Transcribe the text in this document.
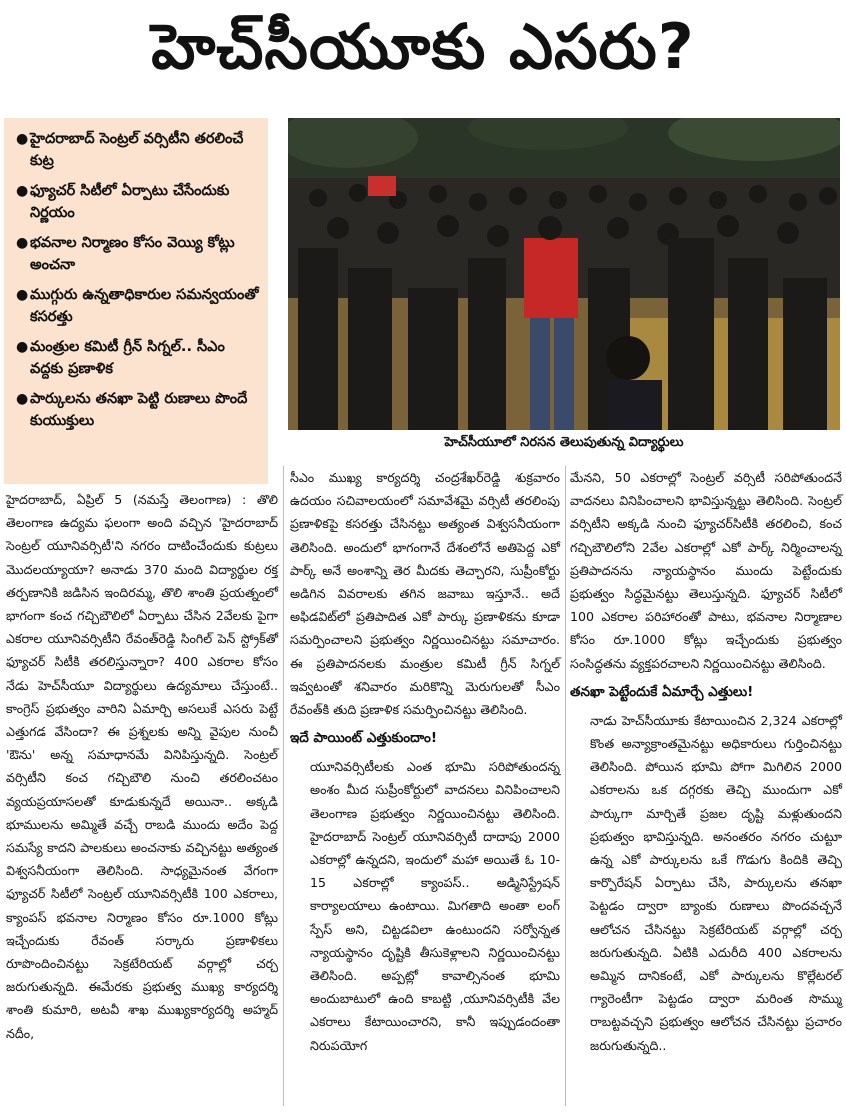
హెచ్‌సీయూకు ఎసరు?
● హైదరాబాద్ సెంట్రల్ వర్సిటీని తరలించే కుట్ర
● ఫ్యూచర్ సిటీలో ఏర్పాటు చేసేందుకు నిర్ణయం
● భవనాల నిర్మాణం కోసం వెయ్యి కోట్లు అంచనా
● ముగ్గురు ఉన్నతాధికారుల సమన్వయంతో కసరత్తు
● మంత్రుల కమిటీ గ్రీన్ సిగ్నల్.. సీఎం వద్దకు ప్రణాళిక
● పార్కులను తనఖా పెట్టి రుణాలు పొందే కుయుక్తులు
హెచ్‌సీయూలో నిరసన తెలుపుతున్న విద్యార్థులు

హైదరాబాద్, ఏప్రిల్ 5 (నమస్తే తెలంగాణ) : తొలి తెలంగాణ ఉద్యమ ఫలంగా అంది వచ్చిన 'హైదరాబాద్ సెంట్రల్ యూనివర్సిటీ'ని నగరం దాటించేందుకు కుట్రలు మొదలయ్యాయా? అనాడు 370 మంది విద్యార్థుల రక్త తర్పణానికి జడిసిన ఇందిరమ్మ, తొలి శాంతి ప్రయత్నంలో భాగంగా కంచ గచ్చిబౌలిలో ఏర్పాటు చేసిన 2వేలకు పైగా ఎకరాల యూనివర్సిటీని రేవంత్‌రెడ్డి సింగిల్ పెన్ స్ట్రోక్‌తో ఫ్యూచర్ సిటీకి తరలిస్తున్నారా? 400 ఎకరాల కోసం నేడు హెచ్‌సీయూ విద్యార్థులు ఉద్యమాలు చేస్తుంటే.. కాంగ్రెస్ ప్రభుత్వం వారిని ఏమార్చి అసలుకే ఎసరు పెట్టే ఎత్తుగడ వేసిందా? ఈ ప్రశ్నలకు అన్ని వైపుల నుంచీ 'ఔను' అన్న సమాధానమే వినిపిస్తున్నది. సెంట్రల్ వర్సిటీని కంచ గచ్చిబౌలి నుంచి తరలించటం వ్యయప్రయాసలతో కూడుకున్నదే అయినా.. అక్కడి భూములను అమ్మితే వచ్చే రాబడి ముందు అదేం పెద్ద సమస్యే కాదని పాలకులు అంచనాకు వచ్చినట్టు అత్యంత విశ్వసనీయంగా తెలిసింది. సాధ్యమైనంత వేగంగా ఫ్యూచర్ సిటీలో సెంట్రల్ యూనివర్సిటీకి 100 ఎకరాలు, క్యాంపస్ భవనాల నిర్మాణం కోసం రూ.1000 కోట్లు ఇచ్చేందుకు రేవంత్ సర్కారు ప్రణాళికలు రూపొందించినట్టు సెక్రటేరియట్ వర్గాల్లో చర్చ జరుగుతున్నది. ఈమేరకు ప్రభుత్వ ముఖ్య కార్యదర్శి శాంతి కుమారి, అటవీ శాఖ ముఖ్యకార్యదర్శి అహ్మద్ నదీం,

సీఎం ముఖ్య కార్యదర్శి చంద్రశేఖర్‌రెడ్డి శుక్రవారం ఉదయం సచివాలయంలో సమావేశమై వర్సిటీ తరలింపు ప్రణాళికపై కసరత్తు చేసినట్టు అత్యంత విశ్వసనీయంగా తెలిసింది. అందులో భాగంగానే దేశంలోనే అతిపెద్ద ఎకో పార్క్ అనే అంశాన్ని తెర మీదకు తెచ్చారని, సుప్రీంకోర్టు అడిగిన వివరాలకు తగిన జవాబు ఇస్తూనే.. అదే అఫిడవిట్‌లో ప్రతిపాదిత ఎకో పార్కు ప్రణాళికను కూడా సమర్పించాలని ప్రభుత్వం నిర్ణయించినట్టు సమాచారం. ఈ ప్రతిపాదనలకు మంత్రుల కమిటీ గ్రీన్ సిగ్నల్ ఇవ్వటంతో శనివారం మరికొన్ని మెరుగులతో సీఎం రేవంత్‌కి తుది ప్రణాళిక సమర్పించినట్టు తెలిసింది.

ఇదే పాయింట్ ఎత్తుకుందాం!

యూనివర్సిటీలకు ఎంత భూమి సరిపోతుందన్న అంశం మీద సుప్రీంకోర్టులో వాదనలు వినిపించాలని తెలంగాణ ప్రభుత్వం నిర్ణయించినట్టు తెలిసింది. హైదరాబాద్ సెంట్రల్ యూనివర్సిటీ దాదాపు 2000 ఎకరాల్లో ఉన్నదని, ఇందులో మహా అయితే ఓ 10-15 ఎకరాల్లో క్యాంపస్.. అడ్మినిస్ట్రేషన్ కార్యాలయాలు ఉంటాయి. మిగతాది అంతా లంగ్ స్పేస్ అని, చిట్టడవిలా ఉంటుందని సర్వోన్నత న్యాయస్థానం దృష్టికి తీసుకెళ్లాలని నిర్ణయించినట్టు తెలిసింది. అప్పట్లో కావాల్సినంత భూమి అందుబాటులో ఉంది కాబట్టి ,యూనివర్సిటీకి వేల ఎకరాలు కేటాయించారని, కానీ ఇప్పుడందంతా నిరుపయోగ

మేనని, 50 ఎకరాల్లో సెంట్రల్ వర్సిటీ సరిపోతుందనే వాదనలు వినిపించాలని భావిస్తున్నట్టు తెలిసింది. సెంట్రల్ వర్సిటీని అక్కడి నుంచి ఫ్యూచర్‌సిటీకి తరలించి, కంచ గచ్చిబౌలిలోని 2వేల ఎకరాల్లో ఎకో పార్క్ నిర్మించాలన్న ప్రతిపాదనను న్యాయస్థానం ముందు పెట్టేందుకు ప్రభుత్వం సిద్ధమైనట్టు తెలుస్తున్నది. ఫ్యూచర్ సిటీలో 100 ఎకరాల పరిహారంతో పాటు, భవనాల నిర్మాణాల కోసం రూ.1000 కోట్లు ఇచ్చేందుకు ప్రభుత్వం సంసిద్ధతను వ్యక్తపరచాలని నిర్ణయించినట్టు తెలిసింది.

తనఖా పెట్టేందుకే ఏమార్చే ఎత్తులు!

నాడు హెచ్‌సీయూకు కేటాయించిన 2,324 ఎకరాల్లో కొంత అన్యాక్రాంతమైనట్టు అధికారులు గుర్తించినట్టు తెలిసింది. పోయిన భూమి పోగా మిగిలిన 2000 ఎకరాలను ఒక దగ్గరకు తెచ్చి ముందుగా ఎకో పార్కుగా మార్చితే ప్రజల దృష్టి మళ్లుతుందని ప్రభుత్వం భావిస్తున్నది. అనంతరం నగరం చుట్టూ ఉన్న ఎకో పార్కులను ఒకే గొడుగు కిందికి తెచ్చి కార్పొరేషన్ ఏర్పాటు చేసి, పార్కులను తనఖా పెట్టడం ద్వారా బ్యాంకు రుణాలు పొందవచ్చనే ఆలోచన చేసినట్టు సెక్రటేరియట్ వర్గాల్లో చర్చ జరుగుతున్నది. ఏటికి ఎదురీది 400 ఎకరాలను అమ్మిన దానికంటే, ఎకో పార్కులను కొల్లేటరల్ గ్యారెంటీగా పెట్టడం ద్వారా మరింత సొమ్ము రాబట్టవచ్చని ప్రభుత్వం ఆలోచన చేసినట్టు ప్రచారం జరుగుతున్నది..
